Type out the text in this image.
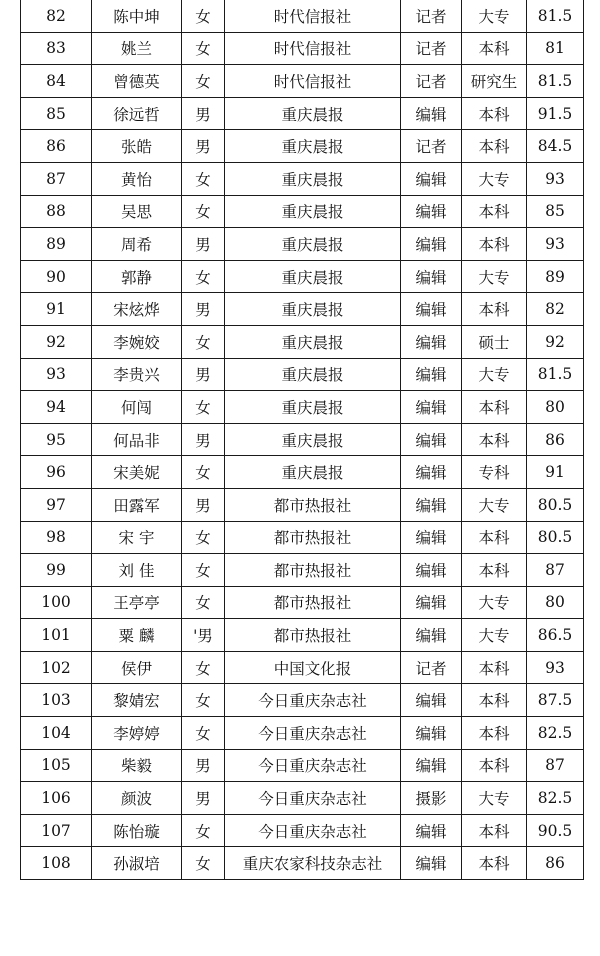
82	陈中坤	女	时代信报社	记者	大专	81.5
83	姚兰	女	时代信报社	记者	本科	81
84	曾德英	女	时代信报社	记者	研究生	81.5
85	徐远哲	男	重庆晨报	编辑	本科	91.5
86	张皓	男	重庆晨报	记者	本科	84.5
87	黄怡	女	重庆晨报	编辑	大专	93
88	吴思	女	重庆晨报	编辑	本科	85
89	周希	男	重庆晨报	编辑	本科	93
90	郭静	女	重庆晨报	编辑	大专	89
91	宋炫烨	男	重庆晨报	编辑	本科	82
92	李婉姣	女	重庆晨报	编辑	硕士	92
93	李贵兴	男	重庆晨报	编辑	大专	81.5
94	何闯	女	重庆晨报	编辑	本科	80
95	何品非	男	重庆晨报	编辑	本科	86
96	宋美妮	女	重庆晨报	编辑	专科	91
97	田露军	男	都市热报社	编辑	大专	80.5
98	宋 宇	女	都市热报社	编辑	本科	80.5
99	刘 佳	女	都市热报社	编辑	本科	87
100	王亭亭	女	都市热报社	编辑	大专	80
101	粟 麟	'男	都市热报社	编辑	大专	86.5
102	侯伊	女	中国文化报	记者	本科	93
103	黎婧宏	女	今日重庆杂志社	编辑	本科	87.5
104	李婷婷	女	今日重庆杂志社	编辑	本科	82.5
105	柴毅	男	今日重庆杂志社	编辑	本科	87
106	颜波	男	今日重庆杂志社	摄影	大专	82.5
107	陈怡璇	女	今日重庆杂志社	编辑	本科	90.5
108	孙淑培	女	重庆农家科技杂志社	编辑	本科	86
